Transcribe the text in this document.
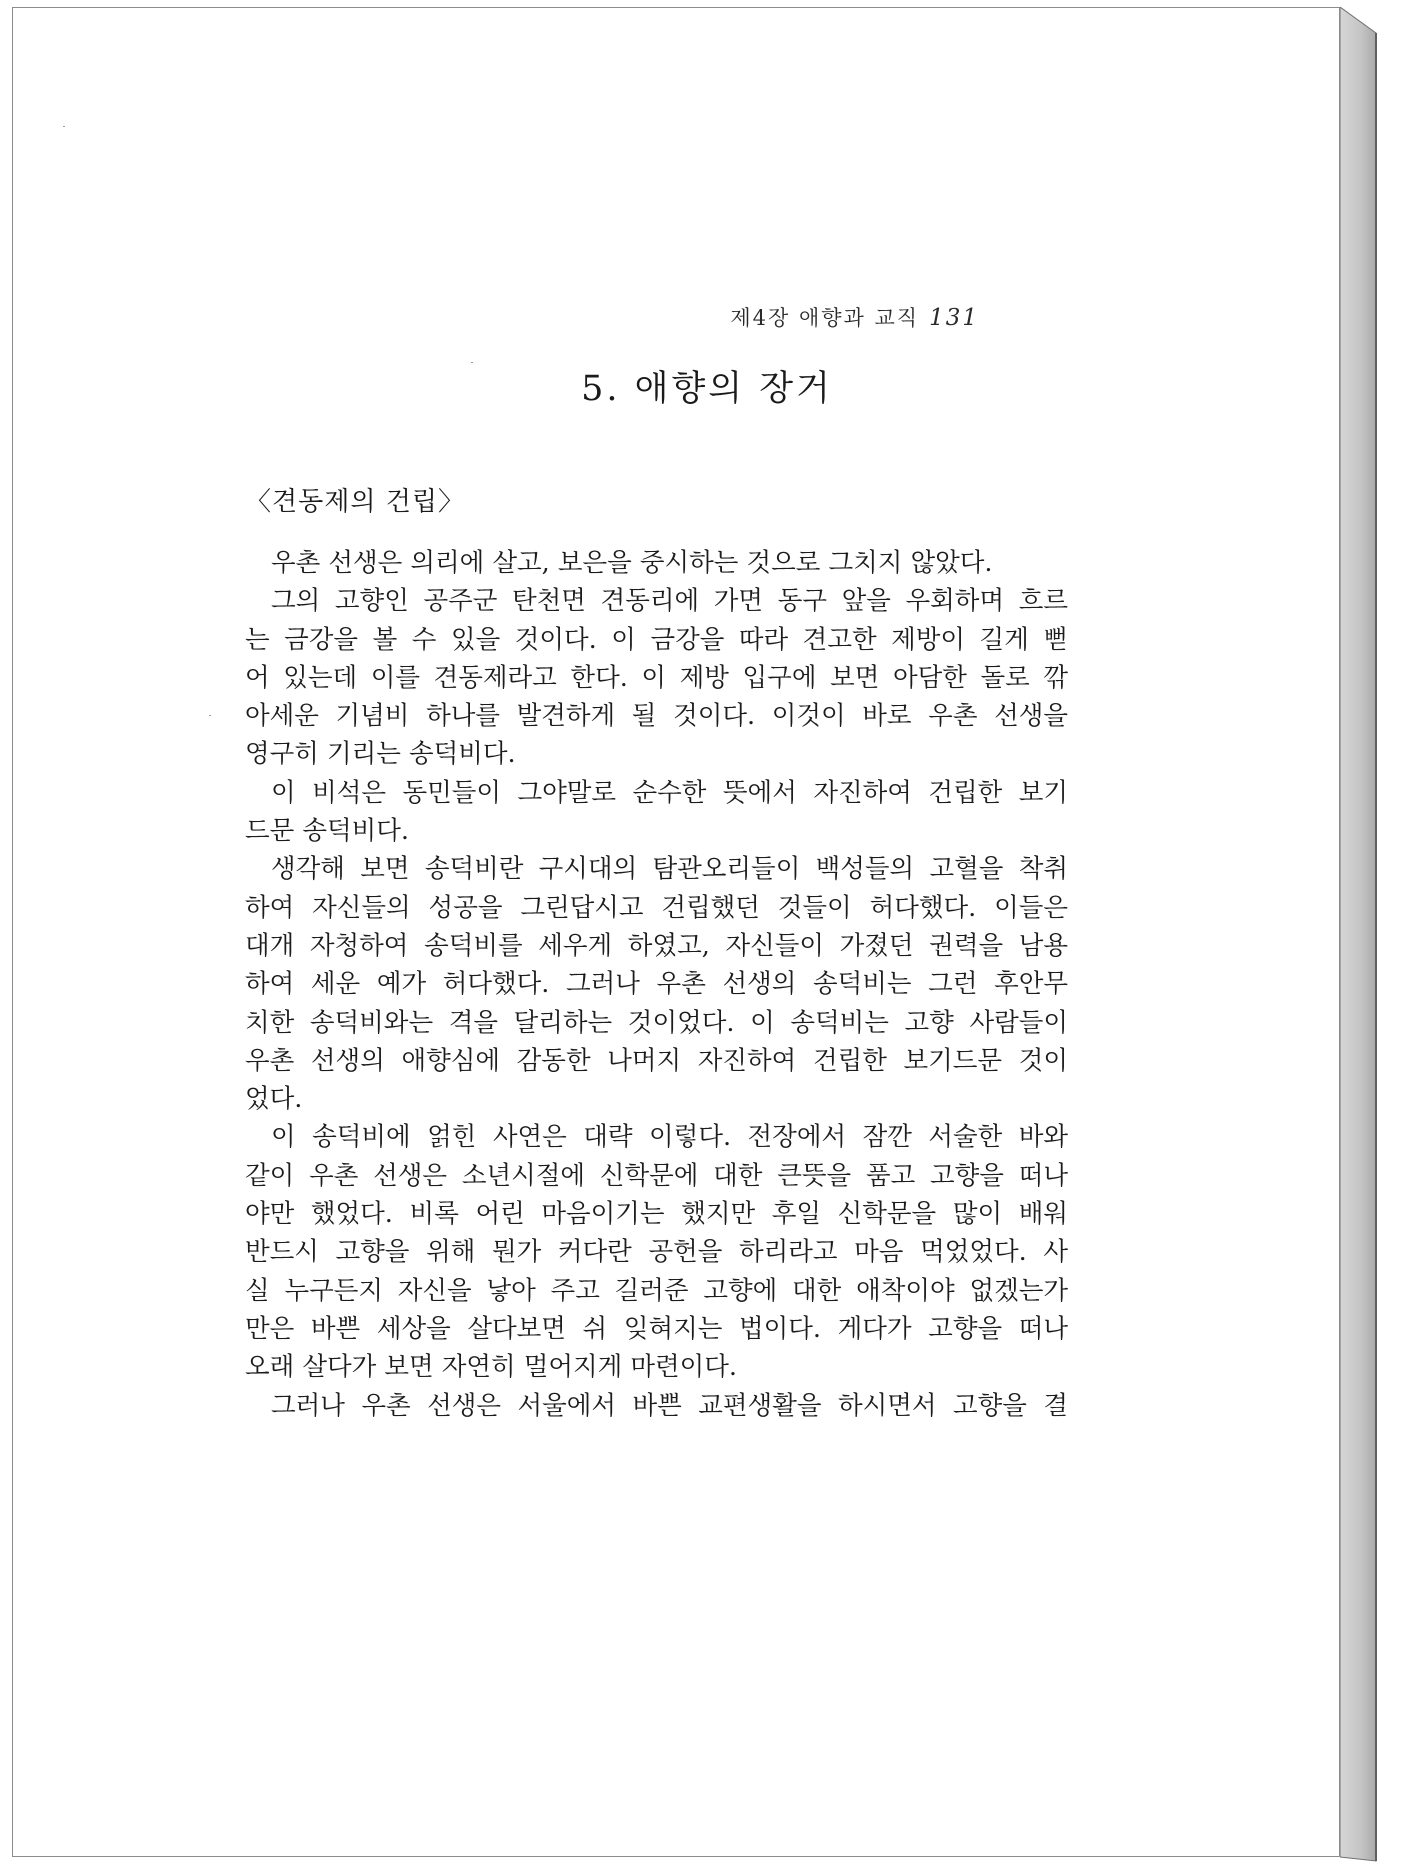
제4장 애향과 교직 131
5. 애향의 장거
〈견동제의 건립〉
우촌 선생은 의리에 살고, 보은을 중시하는 것으로 그치지 않았다.
그의 고향인 공주군 탄천면 견동리에 가면 동구 앞을 우회하며 흐르
는 금강을 볼 수 있을 것이다. 이 금강을 따라 견고한 제방이 길게 뻗
어 있는데 이를 견동제라고 한다. 이 제방 입구에 보면 아담한 돌로 깎
아세운 기념비 하나를 발견하게 될 것이다. 이것이 바로 우촌 선생을
영구히 기리는 송덕비다.
이 비석은 동민들이 그야말로 순수한 뜻에서 자진하여 건립한 보기
드문 송덕비다.
생각해 보면 송덕비란 구시대의 탐관오리들이 백성들의 고혈을 착취
하여 자신들의 성공을 그린답시고 건립했던 것들이 허다했다. 이들은
대개 자청하여 송덕비를 세우게 하였고, 자신들이 가졌던 권력을 남용
하여 세운 예가 허다했다. 그러나 우촌 선생의 송덕비는 그런 후안무
치한 송덕비와는 격을 달리하는 것이었다. 이 송덕비는 고향 사람들이
우촌 선생의 애향심에 감동한 나머지 자진하여 건립한 보기드문 것이
었다.
이 송덕비에 얽힌 사연은 대략 이렇다. 전장에서 잠깐 서술한 바와
같이 우촌 선생은 소년시절에 신학문에 대한 큰뜻을 품고 고향을 떠나
야만 했었다. 비록 어린 마음이기는 했지만 후일 신학문을 많이 배워
반드시 고향을 위해 뭔가 커다란 공헌을 하리라고 마음 먹었었다. 사
실 누구든지 자신을 낳아 주고 길러준 고향에 대한 애착이야 없겠는가
만은 바쁜 세상을 살다보면 쉬 잊혀지는 법이다. 게다가 고향을 떠나
오래 살다가 보면 자연히 멀어지게 마련이다.
그러나 우촌 선생은 서울에서 바쁜 교편생활을 하시면서 고향을 결
